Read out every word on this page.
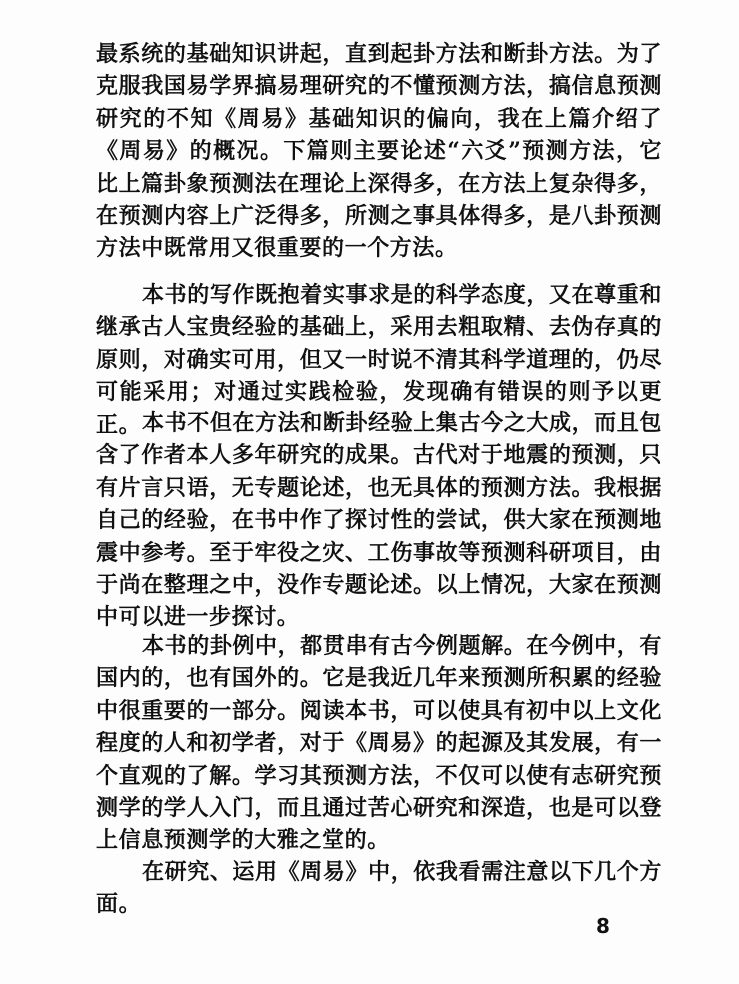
最系统的基础知识讲起，直到起卦方法和断卦方法。为了克服我国易学界搞易理研究的不懂预测方法，搞信息预测研究的不知《周易》基础知识的偏向，我在上篇介绍了《周易》的概况。下篇则主要论述“六爻”预测方法，它比上篇卦象预测法在理论上深得多，在方法上复杂得多，在预测内容上广泛得多，所测之事具体得多，是八卦预测方法中既常用又很重要的一个方法。

本书的写作既抱着实事求是的科学态度，又在尊重和继承古人宝贵经验的基础上，采用去粗取精、去伪存真的原则，对确实可用，但又一时说不清其科学道理的，仍尽可能采用；对通过实践检验，发现确有错误的则予以更正。 本书不但在方法和断卦经验上集古今之大成，而且包含了作者本人多年研究的成果。古代对于地震的预测，只有片言只语，无专题论述，也无具体的预测方法。我根据自己的经验，在书中作了探讨性的尝试，供大家在预测地震中参考。至于牢役之灾、工伤事故等预测科研项目，由于尚在整理之中，没作专题论述。以上情况，大家在预测中可以进一步探讨。

本书的卦例中，都贯串有古今例题解。在今例中，有国内的，也有国外的。它是我近几年来预测所积累的经验中很重要的一部分。阅读本书，可以使具有初中以上文化程度的人和初学者，对于《周易》的起源及其发展，有一个直观的了解。学习其预测方法，不仅可以使有志研究预测学的学人入门，而且通过苦心研究和深造，也是可以登上信息预测学的大雅之堂的。

在研究、运用《周易》中，依我看需注意以下几个方面。

8
